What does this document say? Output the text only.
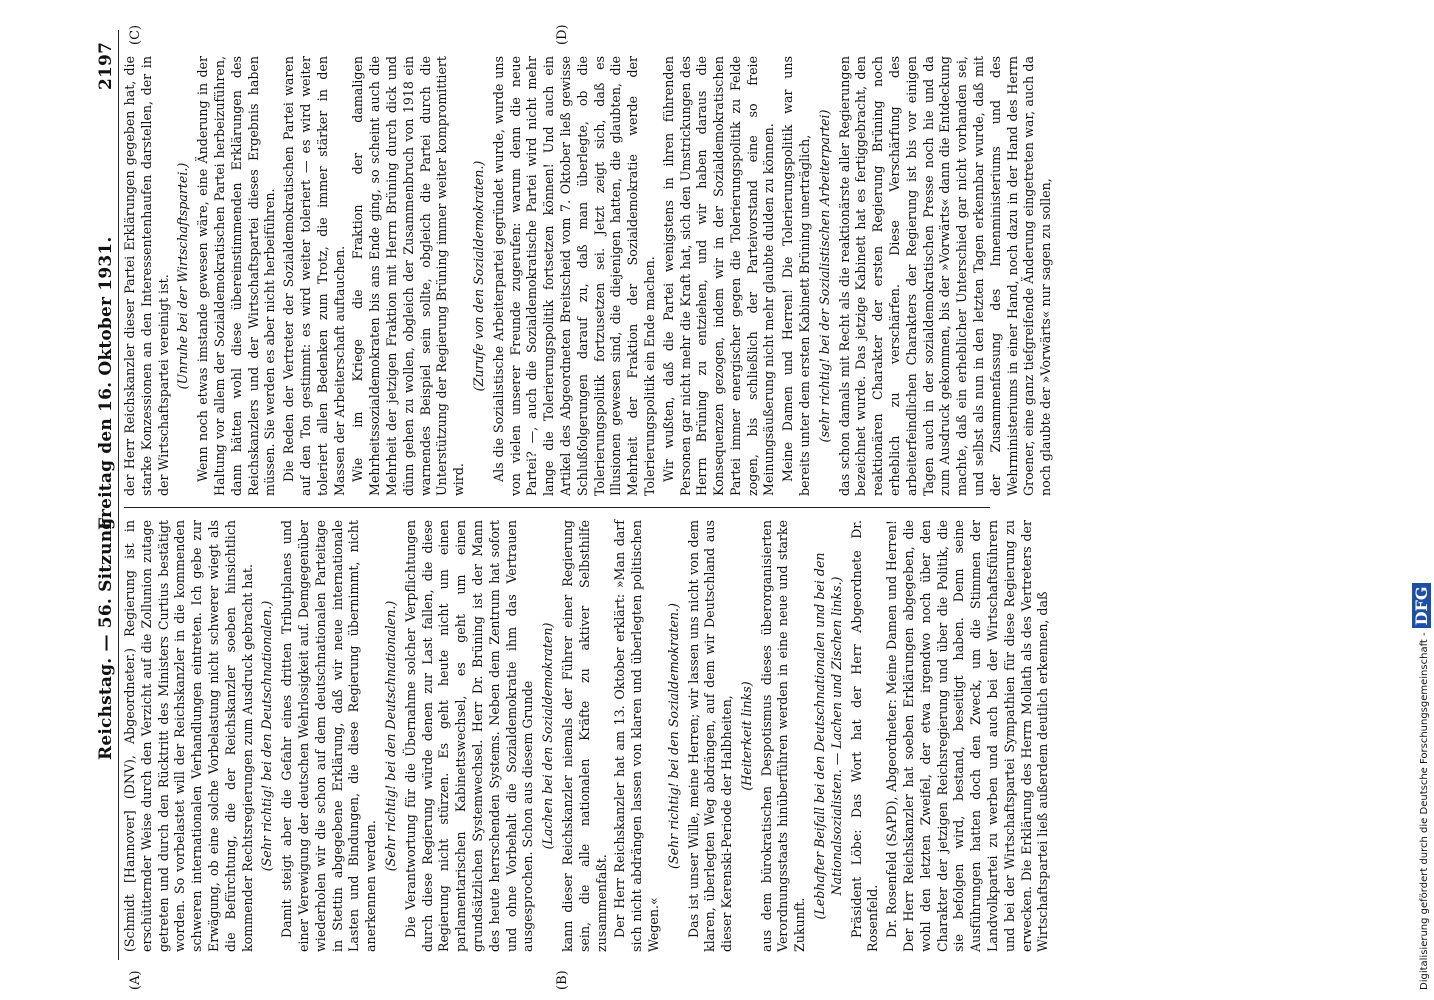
Reichstag. — 56. Sitzung.
Freitag den 16. Oktober 1931.
2197

(Schmidt [Hannover] (DNV), Abgeordneter.) Regierung ist in erschütternder Weise durch den Verzicht auf die Zollunion zutage getreten und durch den Rücktritt des Ministers Curtius bestätigt worden. So vorbelastet will der Reichskanzler in die kommenden schweren internationalen Verhandlungen eintreten. Ich gebe zur Erwägung, ob eine solche Vorbelastung nicht schwerer wiegt als die Befürchtung, die der Reichskanzler soeben hinsichtlich kommender Rechtsregierungen zum Ausdruck gebracht hat. (Sehr richtig! bei den Deutschnationalen.) Damit steigt aber die Gefahr eines dritten Tributplanes und einer Verewigung der deutschen Wehrlosigkeit auf. Demgegenüber wiederholen wir die schon auf dem deutschnationalen Parteitage in Stettin abgegebene Erklärung, daß wir neue internationale Lasten und Bindungen, die diese Regierung übernimmt, nicht anerkennen werden.

(Sehr richtig! bei den Deutschnationalen.) Die Verantwortung für die Übernahme solcher Verpflichtungen durch diese Regierung würde denen zur Last fallen, die diese Regierung nicht stürzen. Es geht heute nicht um einen parlamentarischen Kabinettswechsel, es geht um einen grundsätzlichen Systemwechsel. Herr Dr. Brüning ist der Mann des heute herrschenden Systems. Neben dem Zentrum hat sofort und ohne Vorbehalt die Sozialdemokratie ihm das Vertrauen ausgesprochen. Schon aus diesem Grunde (Lachen bei den Sozialdemokraten) kann dieser Reichskanzler niemals der Führer einer Regierung sein, die alle nationalen Kräfte zu aktiver Selbsthilfe zusammenfaßt. Der Herr Reichskanzler hat am 13. Oktober erklärt: »Man darf sich nicht abdrängen lassen von klaren und überlegten politischen Wegen.«

(Sehr richtig! bei den Sozialdemokraten.) Das ist unser Wille, meine Herren; wir lassen uns nicht von dem klaren, überlegten Weg abdrängen, auf dem wir Deutschland aus dieser Kerenski-Periode der Halbheiten, (Heiterkeit links) aus dem bürokratischen Despotismus dieses überorganisierten Verordnungsstaats hinüberführen werden in eine neue und starke Zukunft.

(Lebhafter Beifall bei den Deutschnationalen und bei den Nationalsozialisten. — Lachen und Zischen links.) Präsident Löbe: Das Wort hat der Herr Abgeordnete Dr. Rosenfeld. Dr. Rosenfeld (SAPD), Abgeordneter: Meine Damen und Herren! Der Herr Reichskanzler hat soeben Erklärungen abgegeben, die wohl den letzten Zweifel, der etwa irgendwo noch über den Charakter der jetzigen Reichsregierung und über die Politik, die sie befolgen wird, bestand, beseitigt haben. Denn seine Ausführungen hatten doch den Zweck, um die Stimmen der Landvolkpartei zu werben und auch bei der Wirtschaftsführern und bei der Wirtschaftspartei Sympathien für diese Regierung zu erwecken. Die Erklärung des Herrn Mollath als des Vertreters der Wirtschaftspartei ließ außerdem deutlich erkennen, daß

der Herr Reichskanzler dieser Partei Erklärungen gegeben hat, die starke Konzessionen an den Interessentenhaufen darstellen, der in der Wirtschaftspartei vereinigt ist. (Unruhe bei der Wirtschaftspartei.) Wenn noch etwas imstande gewesen wäre, eine Änderung in der Haltung vor allem der Sozialdemokratischen Partei herbeizuführen, dann hätten wohl diese übereinstimmenden Erklärungen des Reichskanzlers und der Wirtschaftspartei dieses Ergebnis haben müssen. Sie werden es aber nicht herbeiführen. Die Reden der Vertreter der Sozialdemokratischen Partei waren auf den Ton gestimmt: es wird weiter toleriert — es wird weiter toleriert allen Bedenken zum Trotz, die immer stärker in den Massen der Arbeiterschaft auftauchen. Wie im Kriege die Fraktion der damaligen Mehrheitssozialdemokraten bis ans Ende ging, so scheint auch die Mehrheit der jetzigen Fraktion mit Herrn Brüning durch dick und dünn gehen zu wollen, obgleich der Zusammenbruch von 1918 ein warnendes Beispiel sein sollte, obgleich die Partei durch die Unterstützung der Regierung Brüning immer weiter kompromittiert wird.

(Zurufe von den Sozialdemokraten.) Als die Sozialistische Arbeiterpartei gegründet wurde, wurde uns von vielen unserer Freunde zugerufen: warum denn die neue Partei? —, auch die Sozialdemokratische Partei wird nicht mehr lange die Tolerierungspolitik fortsetzen können! Und auch ein Artikel des Abgeordneten Breitscheid vom 7. Oktober ließ gewisse Schlußfolgerungen darauf zu, daß man überlegte, ob die Tolerierungspolitik fortzusetzen sei. Jetzt zeigt sich, daß es Illusionen gewesen sind, die diejenigen hatten, die glaubten, die Mehrheit der Fraktion der Sozialdemokratie werde der Tolerierungspolitik ein Ende machen. Wir wußten, daß die Partei wenigstens in ihren führenden Personen gar nicht mehr die Kraft hat, sich den Umstrickungen des Herrn Brüning zu entziehen, und wir haben daraus die Konsequenzen gezogen, indem wir in der Sozialdemokratischen Partei immer energischer gegen die Tolerierungspolitik zu Felde zogen, bis schließlich der Parteivorstand eine so freie Meinungsäußerung nicht mehr glaubte dulden zu können. Meine Damen und Herren! Die Tolerierungspolitik war uns bereits unter dem ersten Kabinett Brüning unerträglich, (sehr richtig! bei der Sozialistischen Arbeiterpartei) das schon damals mit Recht als die reaktionärste aller Regierungen bezeichnet wurde. Das jetzige Kabinett hat es fertiggebracht, den reaktionären Charakter der ersten Regierung Brüning noch erheblich zu verschärfen. Diese Verschärfung des arbeiterfeindlichen Charakters der Regierung ist bis vor einigen Tagen auch in der sozialdemokratischen Presse noch hie und da zum Ausdruck gekommen, bis der »Vorwärts« dann die Entdeckung machte, daß ein erheblicher Unterschied gar nicht vorhanden sei, und selbst als nun in den letzten Tagen erkennbar wurde, daß mit der Zusammenfassung des Innenministeriums und des Wehrministeriums in einer Hand, noch dazu in der Hand des Herrn Groener, eine ganz tiefgreifende Änderung eingetreten war, auch da noch glaubte der »Vorwärts« nur sagen zu sollen,

(A)	(B)
(C)	(D)
Digitalisierung gefördert durch die Deutsche Forschungsgemeinschaft -DFG
